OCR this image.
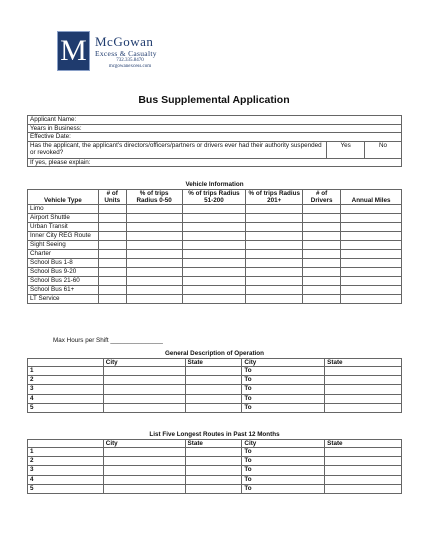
M McGowan
Excess & Casualty
732.335.8470
mcgowanexcess.com
Bus Supplemental Application
Applicant Name:
Years in Business:
Effective Date:
Has the applicant, the applicant's directors/officers/partners or drivers ever had their authority suspended or revoked?	Yes	No
If yes, please explain:
Vehicle Information						
Vehicle Type	# of Units	% of trips Radius 0-50	% of trips Radius 51-200	% of trips Radius 201+	# of Drivers	Annual Miles
Limo						
Airport Shuttle						
Urban Transit						
Inner City REG Route						
Sight Seeing						
Charter						
School Bus 1-8						
School Bus 9-20						
School Bus 21-60						
School Bus 61+						
LT Service						
Max Hours per Shift _______________
General Description of Operation				
	City	State	City	State
1			To	
2			To	
3			To	
4			To	
5			To	
List Five Longest Routes in Past 12 Months				
	City	State	City	State
1			To	
2			To	
3			To	
4			To	
5			To	
